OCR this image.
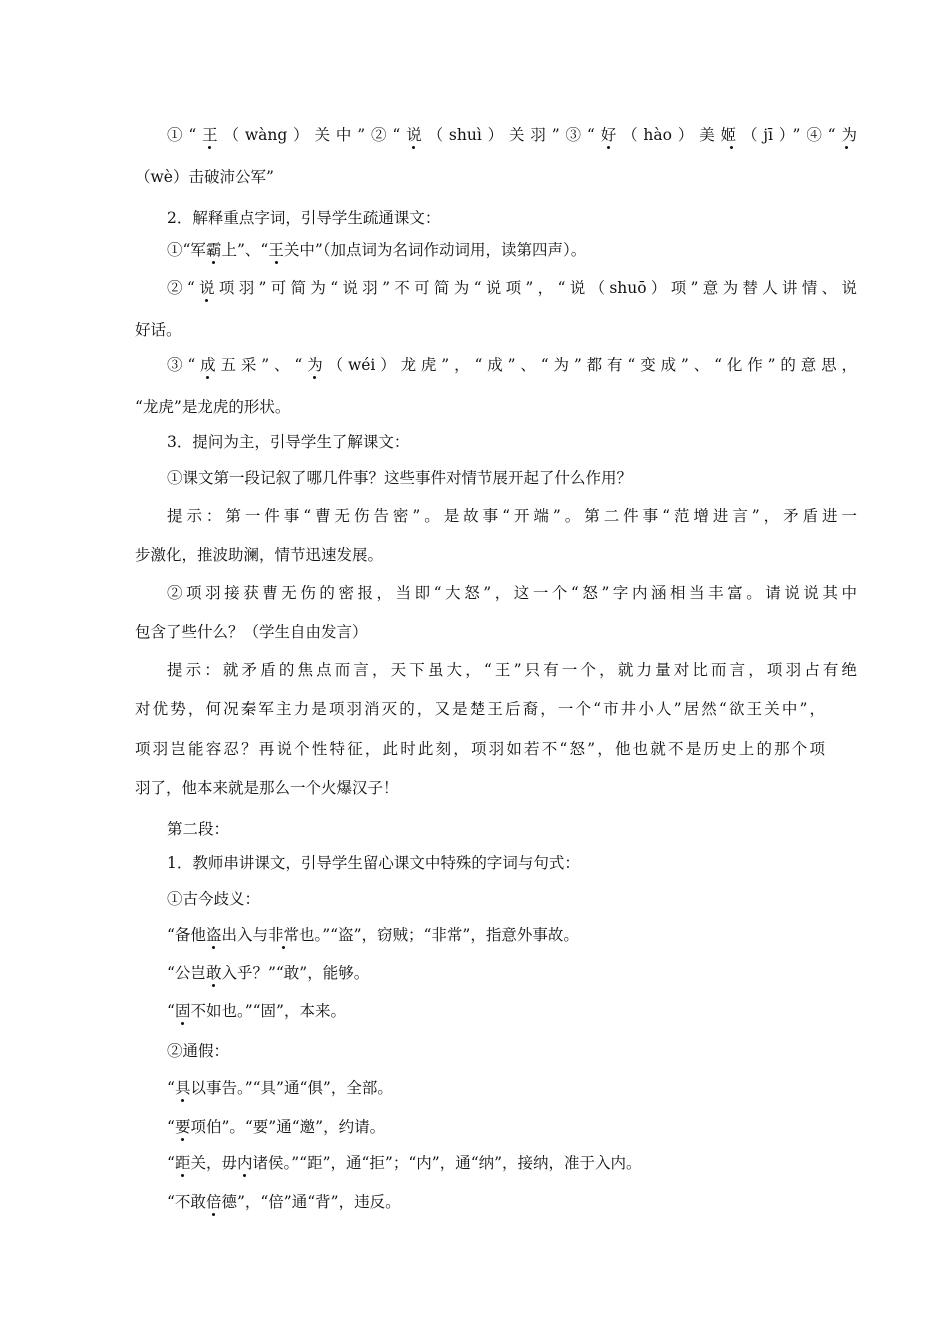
①“王（wàng）关中”②“说（shuì）关羽”③“好（hào）美姬（jī）”④“为
（wè）击破沛公军”
2．解释重点字词，引导学生疏通课文：
①“军霸上”、“王关中”（加点词为名词作动词用，读第四声）。
②“说项羽”可简为“说羽”不可简为“说项”，“说（shuō）项”意为替人讲情、说
好话。
③“成五采”、“为（wéi）龙虎”，“成”、“为”都有“变成”、“化作”的意思，
“龙虎”是龙虎的形状。
3．提问为主，引导学生了解课文：
①课文第一段记叙了哪几件事？这些事件对情节展开起了什么作用？
提示：第一件事“曹无伤告密”。是故事“开端”。第二件事“范增进言”，矛盾进一
步激化，推波助澜，情节迅速发展。
②项羽接获曹无伤的密报，当即“大怒”，这一个“怒”字内涵相当丰富。请说说其中
包含了些什么？（学生自由发言）
提示：就矛盾的焦点而言，天下虽大，“王”只有一个，就力量对比而言，项羽占有绝
对优势，何况秦军主力是项羽消灭的，又是楚王后裔，一个“市井小人”居然“欲王关中”，
项羽岂能容忍？再说个性特征，此时此刻，项羽如若不“怒”，他也就不是历史上的那个项
羽了，他本来就是那么一个火爆汉子！
第二段：
1．教师串讲课文，引导学生留心课文中特殊的字词与句式：
①古今歧义：
“备他盗出入与非常也。”“盗”，窃贼；“非常”，指意外事故。
“公岂敢入乎？”“敢”，能够。
“固不如也。”“固”，本来。
②通假：
“具以事告。”“具”通“俱”，全部。
“要项伯”。“要”通“邀”，约请。
“距关，毋内诸侯。”“距”，通“拒”；“内”，通“纳”，接纳，准于入内。
“不敢倍德”，“倍”通“背”，违反。
